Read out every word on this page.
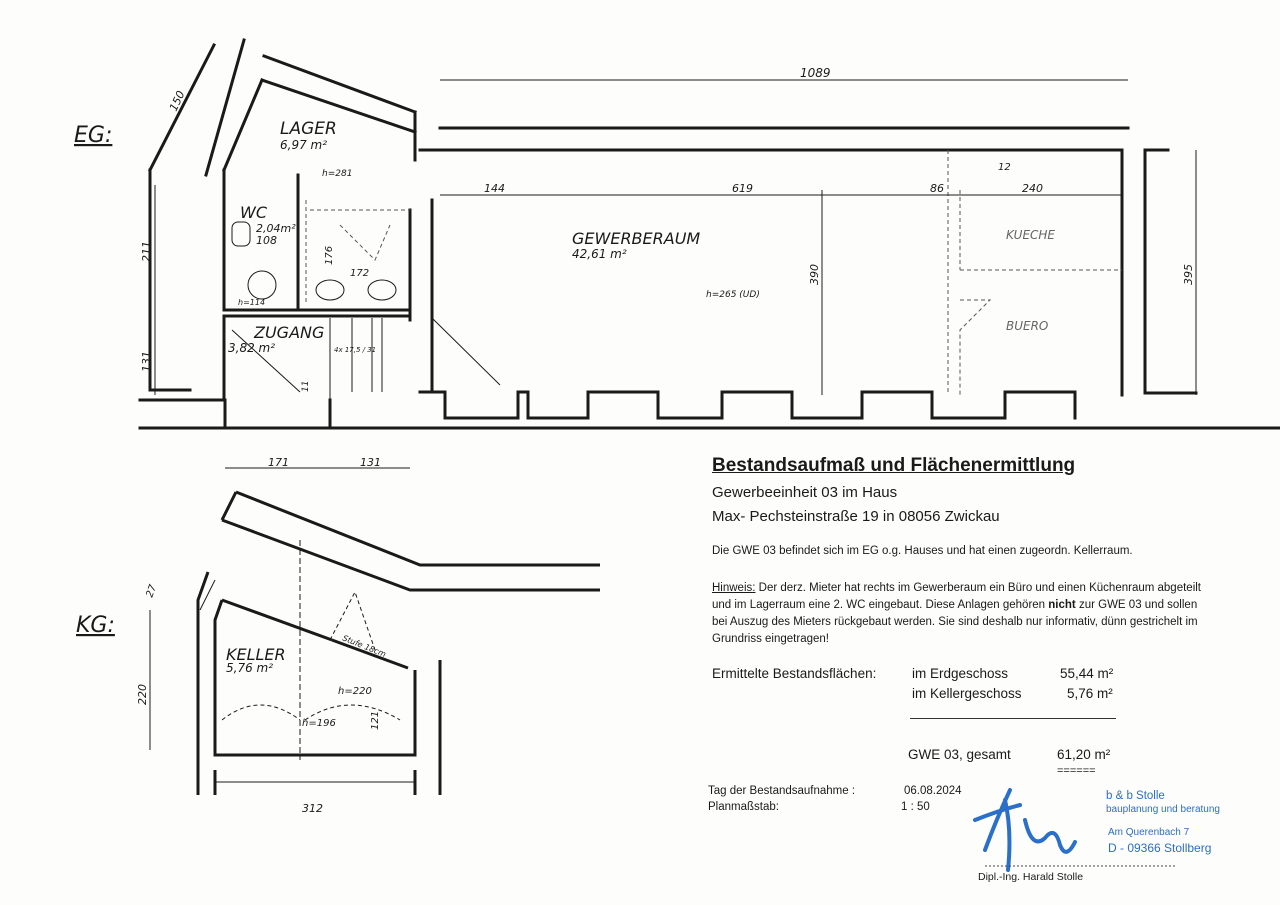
EG:	LAGER
6,97 m²
h=281
WC
2,04m²
108
h=114
GEWERBERAUM
42,61 m²
h=265 (UD)
KUECHE
BUERO
ZUGANG
3,82 m²	4x 17,5 / 31
1089
144	619	86	240
12
390	395
150
211
131
176
172
11
171	131
KG:
KELLER
5,76 m²
h=220
h=196
Stufe 18cm
27
220
121
312
Bestandsaufmaß und Flächenermittlung
Gewerbeeinheit 03 im Haus
Max- Pechsteinstraße 19 in 08056 Zwickau
Die GWE 03 befindet sich im EG o.g. Hauses und hat einen zugeordn. Kellerraum.
Hinweis: Der derz. Mieter hat rechts im Gewerberaum ein Büro und einen Küchenraum abgeteilt und im Lagerraum eine 2. WC eingebaut. Diese Anlagen gehören nicht zur GWE 03 und sollen bei Auszug des Mieters rückgebaut werden. Sie sind deshalb nur informativ, dünn gestrichelt im Grundriss eingetragen!
Ermittelte Bestandsflächen:	im Erdgeschoss	55,44 m²
im Kellergeschoss	5,76 m²
GWE 03, gesamt	61,20 m²
======
Tag der Bestandsaufnahme :	06.08.2024
Planmaßstab:	1 : 50
Dipl.-Ing. Harald Stolle
b & b Stolle
bauplanung und beratung
Am Querenbach 7
D - 09366 Stollberg
